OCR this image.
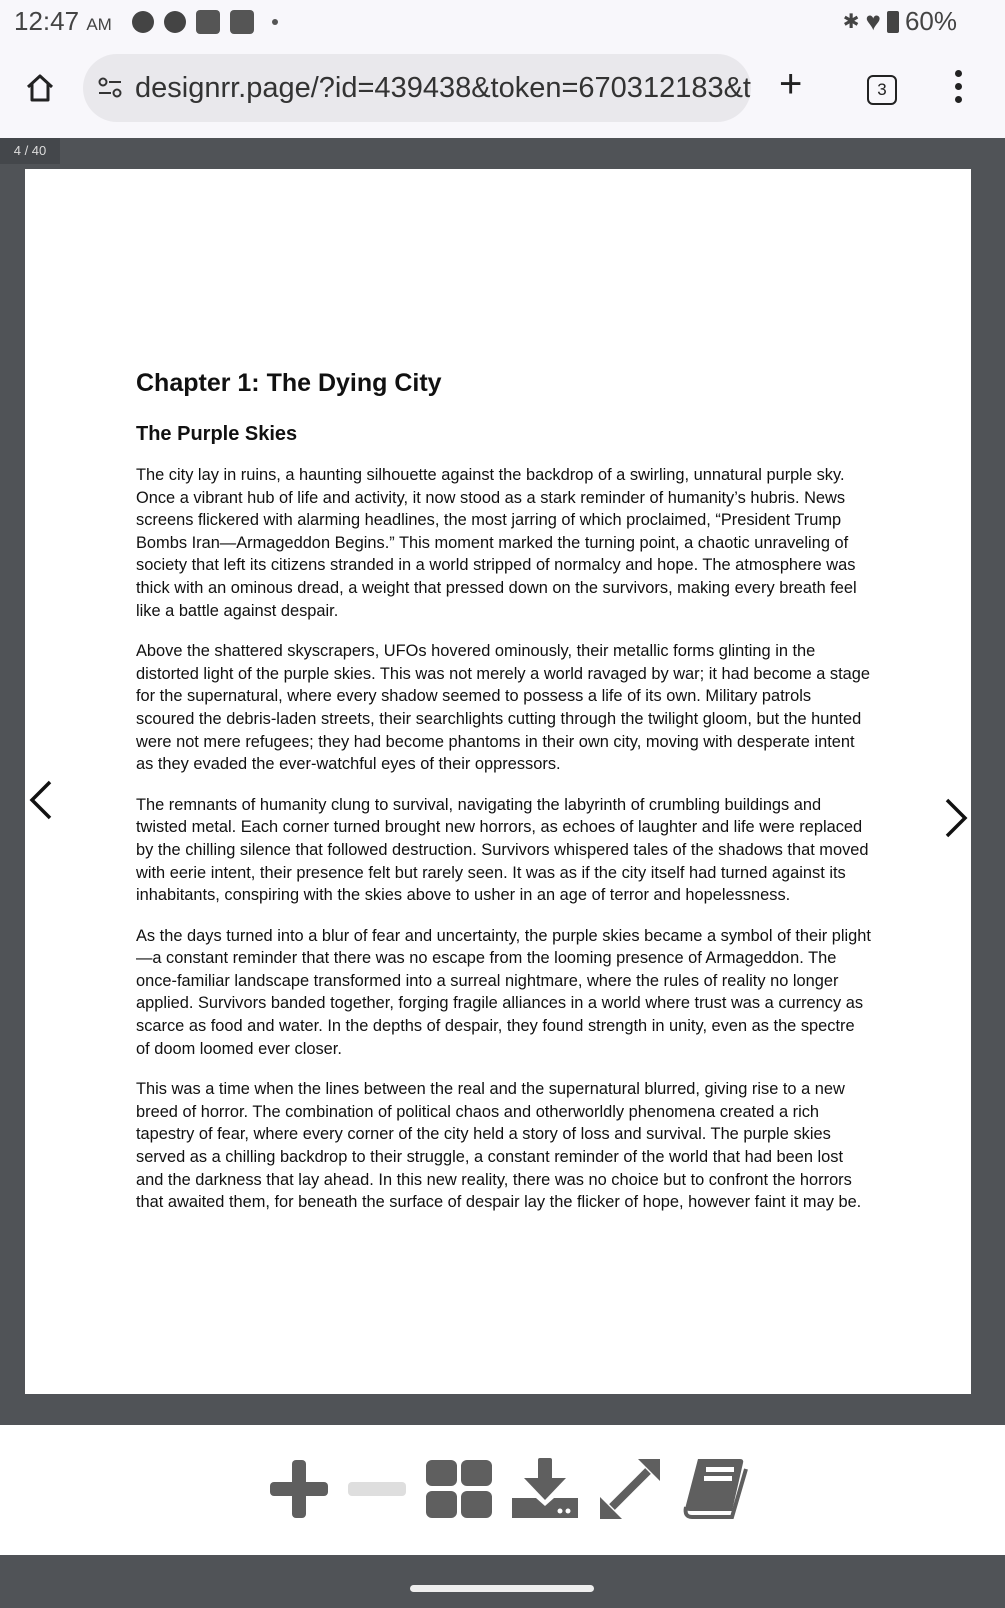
12:47 AM	✱ ♥ 60%
designrr.page/?id=439438&token=670312183&t +	3
4 / 40
Chapter 1: The Dying City
The Purple Skies

The city lay in ruins, a haunting silhouette against the backdrop of a swirling, unnatural purple sky. Once a vibrant hub of life and activity, it now stood as a stark reminder of humanity’s hubris. News screens flickered with alarming headlines, the most jarring of which proclaimed, “President Trump Bombs Iran—Armageddon Begins.” This moment marked the turning point, a chaotic unraveling of society that left its citizens stranded in a world stripped of normalcy and hope. The atmosphere was thick with an ominous dread, a weight that pressed down on the survivors, making every breath feel like a battle against despair.

Above the shattered skyscrapers, UFOs hovered ominously, their metallic forms glinting in the distorted light of the purple skies. This was not merely a world ravaged by war; it had become a stage for the supernatural, where every shadow seemed to possess a life of its own. Military patrols scoured the debris-laden streets, their searchlights cutting through the twilight gloom, but the hunted were not mere refugees; they had become phantoms in their own city, moving with desperate intent as they evaded the ever-watchful eyes of their oppressors.

The remnants of humanity clung to survival, navigating the labyrinth of crumbling buildings and twisted metal. Each corner turned brought new horrors, as echoes of laughter and life were replaced by the chilling silence that followed destruction. Survivors whispered tales of the shadows that moved with eerie intent, their presence felt but rarely seen. It was as if the city itself had turned against its inhabitants, conspiring with the skies above to usher in an age of terror and hopelessness.

As the days turned into a blur of fear and uncertainty, the purple skies became a symbol of their plight—a constant reminder that there was no escape from the looming presence of Armageddon. The once-familiar landscape transformed into a surreal nightmare, where the rules of reality no longer applied. Survivors banded together, forging fragile alliances in a world where trust was a currency as scarce as food and water. In the depths of despair, they found strength in unity, even as the spectre of doom loomed ever closer.

This was a time when the lines between the real and the supernatural blurred, giving rise to a new breed of horror. The combination of political chaos and otherworldly phenomena created a rich tapestry of fear, where every corner of the city held a story of loss and survival. The purple skies served as a chilling backdrop to their struggle, a constant reminder of the world that had been lost and the darkness that lay ahead. In this new reality, there was no choice but to confront the horrors that awaited them, for beneath the surface of despair lay the flicker of hope, however faint it may be.
